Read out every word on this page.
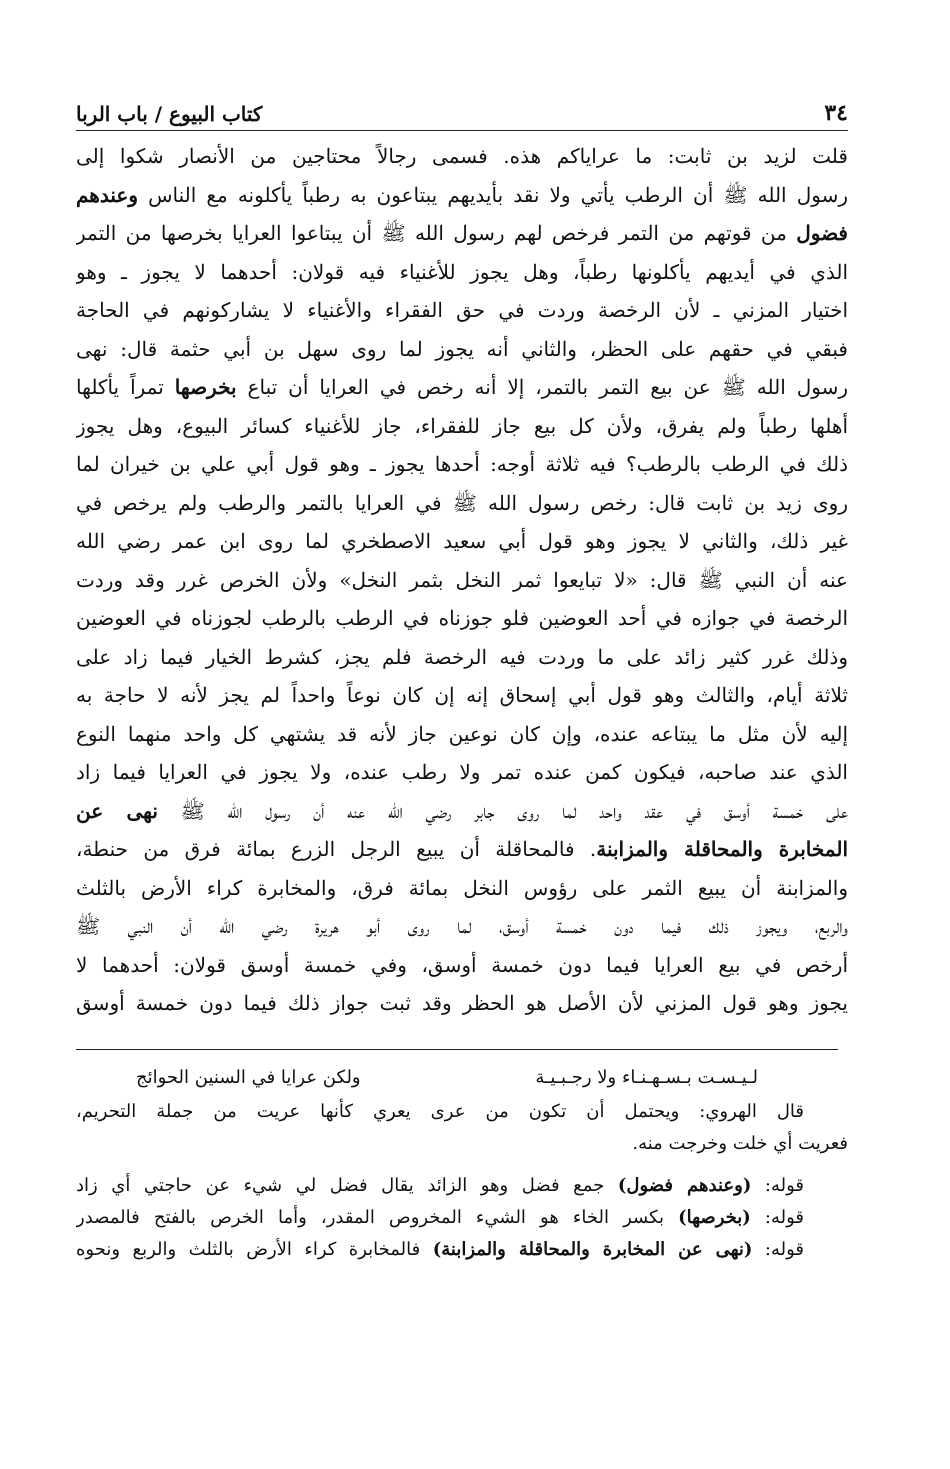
٣٤
كتاب البيوع / باب الربا
قلت لزيد بن ثابت: ما عراياكم هذه. فسمى رجالاً محتاجين من الأنصار شكوا إلى
رسول الله ﷺ أن الرطب يأتي ولا نقد بأيديهم يبتاعون به رطباً يأكلونه مع الناس وعندهم
فضول من قوتهم من التمر فرخص لهم رسول الله ﷺ أن يبتاعوا العرايا بخرصها من التمر
الذي في أيديهم يأكلونها رطباً، وهل يجوز للأغنياء فيه قولان: أحدهما لا يجوز ـ وهو
اختيار المزني ـ لأن الرخصة وردت في حق الفقراء والأغنياء لا يشاركونهم في الحاجة
فبقي في حقهم على الحظر، والثاني أنه يجوز لما روى سهل بن أبي حثمة قال: نهى
رسول الله ﷺ عن بيع التمر بالتمر، إلا أنه رخص في العرايا أن تباع بخرصها تمراً يأكلها
أهلها رطباً ولم يفرق، ولأن كل بيع جاز للفقراء، جاز للأغنياء كسائر البيوع، وهل يجوز
ذلك في الرطب بالرطب؟ فيه ثلاثة أوجه: أحدها يجوز ـ وهو قول أبي علي بن خيران لما
روى زيد بن ثابت قال: رخص رسول الله ﷺ في العرايا بالتمر والرطب ولم يرخص في
غير ذلك، والثاني لا يجوز وهو قول أبي سعيد الاصطخري لما روى ابن عمر رضي الله
عنه أن النبي ﷺ قال: «لا تبايعوا ثمر النخل بثمر النخل» ولأن الخرص غرر وقد وردت
الرخصة في جوازه في أحد العوضين فلو جوزناه في الرطب بالرطب لجوزناه في العوضين
وذلك غرر كثير زائد على ما وردت فيه الرخصة فلم يجز، كشرط الخيار فيما زاد على
ثلاثة أيام، والثالث وهو قول أبي إسحاق إنه إن كان نوعاً واحداً لم يجز لأنه لا حاجة به
إليه لأن مثل ما يبتاعه عنده، وإن كان نوعين جاز لأنه قد يشتهي كل واحد منهما النوع
الذي عند صاحبه، فيكون كمن عنده تمر ولا رطب عنده، ولا يجوز في العرايا فيما زاد
على خمسة أوسق في عقد واحد لما روى جابر رضي الله عنه أن رسول الله ﷺ نهى عن
المخابرة والمحاقلة والمزابنة. فالمحاقلة أن يبيع الرجل الزرع بمائة فرق من حنطة،
والمزابنة أن يبيع الثمر على رؤوس النخل بمائة فرق، والمخابرة كراء الأرض بالثلث
والربع، ويجوز ذلك فيما دون خمسة أوسق، لما روى أبو هريرة رضي الله أن النبي ﷺ
أرخص في بيع العرايا فيما دون خمسة أوسق، وفي خمسة أوسق قولان: أحدهما لا
يجوز وهو قول المزني لأن الأصل هو الحظر وقد ثبت جواز ذلك فيما دون خمسة أوسق
لـيـسـت بـسـهـنـاء ولا رجـبـيـة
ولكن عرايا في السنين الحوائج
قال الهروي: ويحتمل أن تكون من عرى يعري كأنها عريت من جملة التحريم،
فعريت أي خلت وخرجت منه.
قوله: (وعندهم فضول) جمع فضل وهو الزائد يقال فضل لي شيء عن حاجتي أي زاد
قوله: (بخرصها) بكسر الخاء هو الشيء المخروص المقدر، وأما الخرص بالفتح فالمصدر
قوله: (نهى عن المخابرة والمحاقلة والمزابنة) فالمخابرة كراء الأرض بالثلث والربع ونحوه
